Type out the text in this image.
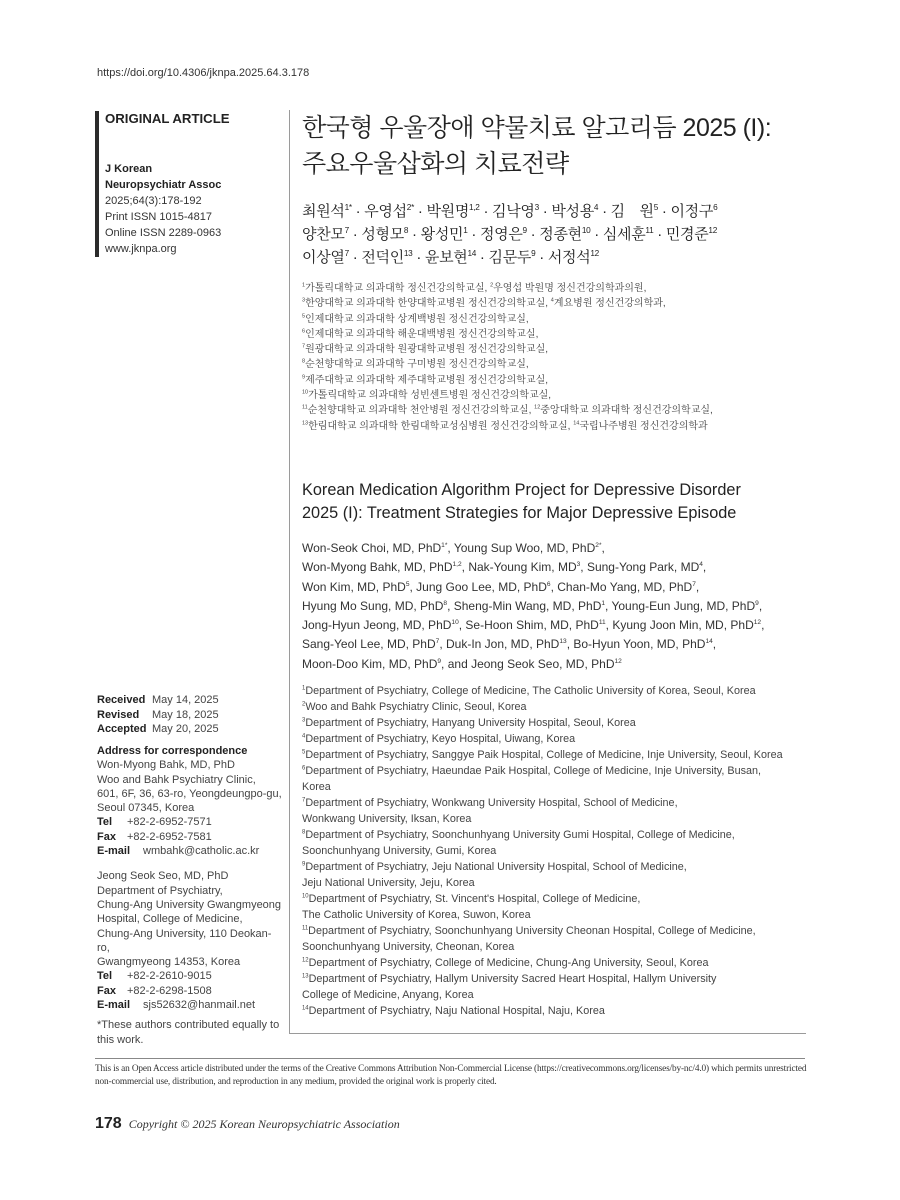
https://doi.org/10.4306/jknpa.2025.64.3.178
ORIGINAL ARTICLE
J Korean
Neuropsychiatr Assoc
2025;64(3):178-192
Print ISSN 1015-4817
Online ISSN 2289-0963
www.jknpa.org
Received May 14, 2025
Revised	May 18, 2025
Accepted May 20, 2025
Address for correspondence
Won-Myong Bahk, MD, PhD
Woo and Bahk Psychiatry Clinic,
601, 6F, 36, 63-ro, Yeongdeungpo-gu,
Seoul 07345, Korea
Tel	+82-2-6952-7571
Fax	+82-2-6952-7581
E-mail	wmbahk@catholic.ac.kr
Jeong Seok Seo, MD, PhD
Department of Psychiatry,
Chung-Ang University Gwangmyeong
Hospital, College of Medicine,
Chung-Ang University, 110 Deokan-ro,
Gwangmyeong 14353, Korea
Tel	+82-2-2610-9015
Fax	+82-2-6298-1508
E-mail	sjs52632@hanmail.net
*These authors contributed equally to this work.
한국형 우울장애 약물치료 알고리듬 2025 (I):
주요우울삽화의 치료전략
최원석$^{1*}$ · 우영섭$^{2*}$ · 박원명$^{1,2}$ · 김낙영$^3$ · 박성용$^4$ · 김　원$^5$ · 이정구$^6$
양찬모$^7$ · 성형모$^8$ · 왕성민$^1$ · 정영은$^9$ · 정종현$^{10}$ · 심세훈$^{11}$ · 민경준$^{12}$
이상열$^7$ · 전덕인$^{13}$ · 윤보현$^{14}$ · 김문두$^9$ · 서정석$^{12}$
$^1$가톨릭대학교 의과대학 정신건강의학교실, $^2$우영섭 박원명 정신건강의학과의원,
$^3$한양대학교 의과대학 한양대학교병원 정신건강의학교실, $^4$계요병원 정신건강의학과,
$^5$인제대학교 의과대학 상계백병원 정신건강의학교실,
$^6$인제대학교 의과대학 해운대백병원 정신건강의학교실,
$^7$원광대학교 의과대학 원광대학교병원 정신건강의학교실,
$^8$순천향대학교 의과대학 구미병원 정신건강의학교실,
$^9$제주대학교 의과대학 제주대학교병원 정신건강의학교실,
$^{10}$가톨릭대학교 의과대학 성빈센트병원 정신건강의학교실,
$^{11}$순천향대학교 의과대학 천안병원 정신건강의학교실, $^{12}$중앙대학교 의과대학 정신건강의학교실,
$^{13}$한림대학교 의과대학 한림대학교성심병원 정신건강의학교실, $^{14}$국립나주병원 정신건강의학과
Korean Medication Algorithm Project for Depressive Disorder
2025 (I): Treatment Strategies for Major Depressive Episode
Won-Seok Choi, MD, PhD$^{1*}$, Young Sup Woo, MD, PhD$^{2*}$,
Won-Myong Bahk, MD, PhD$^{1,2}$, Nak-Young Kim, $MD^3$, Sung-Yong Park, $MD^4$,
Won Kim, MD, PhD$^5$, Jung Goo Lee, MD, PhD$^6$, Chan-Mo Yang, MD, PhD$^7$,
Hyung Mo Sung, MD, PhD$^8$, Sheng-Min Wang, MD, PhD$^1$, Young-Eun Jung, MD, PhD$^9$,
Jong-Hyun Jeong, MD, PhD$^{10}$, Se-Hoon Shim, MD, PhD$^{11}$, Kyung Joon Min, MD, PhD$^{12}$,
Sang-Yeol Lee, MD, PhD$^7$, Duk-In Jon, MD, PhD$^{13}$, Bo-Hyun Yoon, MD, PhD$^{14}$,
Moon-Doo Kim, MD, PhD$^9$, and Jeong Seok Seo, MD, PhD$^{12}$
$^1$Department of Psychiatry, College of Medicine, The Catholic University of Korea, Seoul, Korea
$^2$Woo and Bahk Psychiatry Clinic, Seoul, Korea
$^3$Department of Psychiatry, Hanyang University Hospital, Seoul, Korea
$^4$Department of Psychiatry, Keyo Hospital, Uiwang, Korea
$^5$Department of Psychiatry, Sanggye Paik Hospital, College of Medicine, Inje University, Seoul, Korea
$^6$Department of Psychiatry, Haeundae Paik Hospital, College of Medicine, Inje University, Busan,
Korea
$^7$Department of Psychiatry, Wonkwang University Hospital, School of Medicine,
Wonkwang University, Iksan, Korea
$^8$Department of Psychiatry, Soonchunhyang University Gumi Hospital, College of Medicine,
Soonchunhyang University, Gumi, Korea
$^9$Department of Psychiatry, Jeju National University Hospital, School of Medicine,
Jeju National University, Jeju, Korea
$^{10}$Department of Psychiatry, St. Vincent's Hospital, College of Medicine,
The Catholic University of Korea, Suwon, Korea
$^{11}$Department of Psychiatry, Soonchunhyang University Cheonan Hospital, College of Medicine,
Soonchunhyang University, Cheonan, Korea
$^{12}$Department of Psychiatry, College of Medicine, Chung-Ang University, Seoul, Korea
$^{13}$Department of Psychiatry, Hallym University Sacred Heart Hospital, Hallym University
College of Medicine, Anyang, Korea
$^{14}$Department of Psychiatry, Naju National Hospital, Naju, Korea
This is an Open Access article distributed under the terms of the Creative Commons Attribution Non-Commercial License (https://creativecommons.org/licenses/by-nc/4.0) which permits unrestricted non-commercial use, distribution, and reproduction in any medium, provided the original work is properly cited.
178 Copyright © 2025 Korean Neuropsychiatric Association
